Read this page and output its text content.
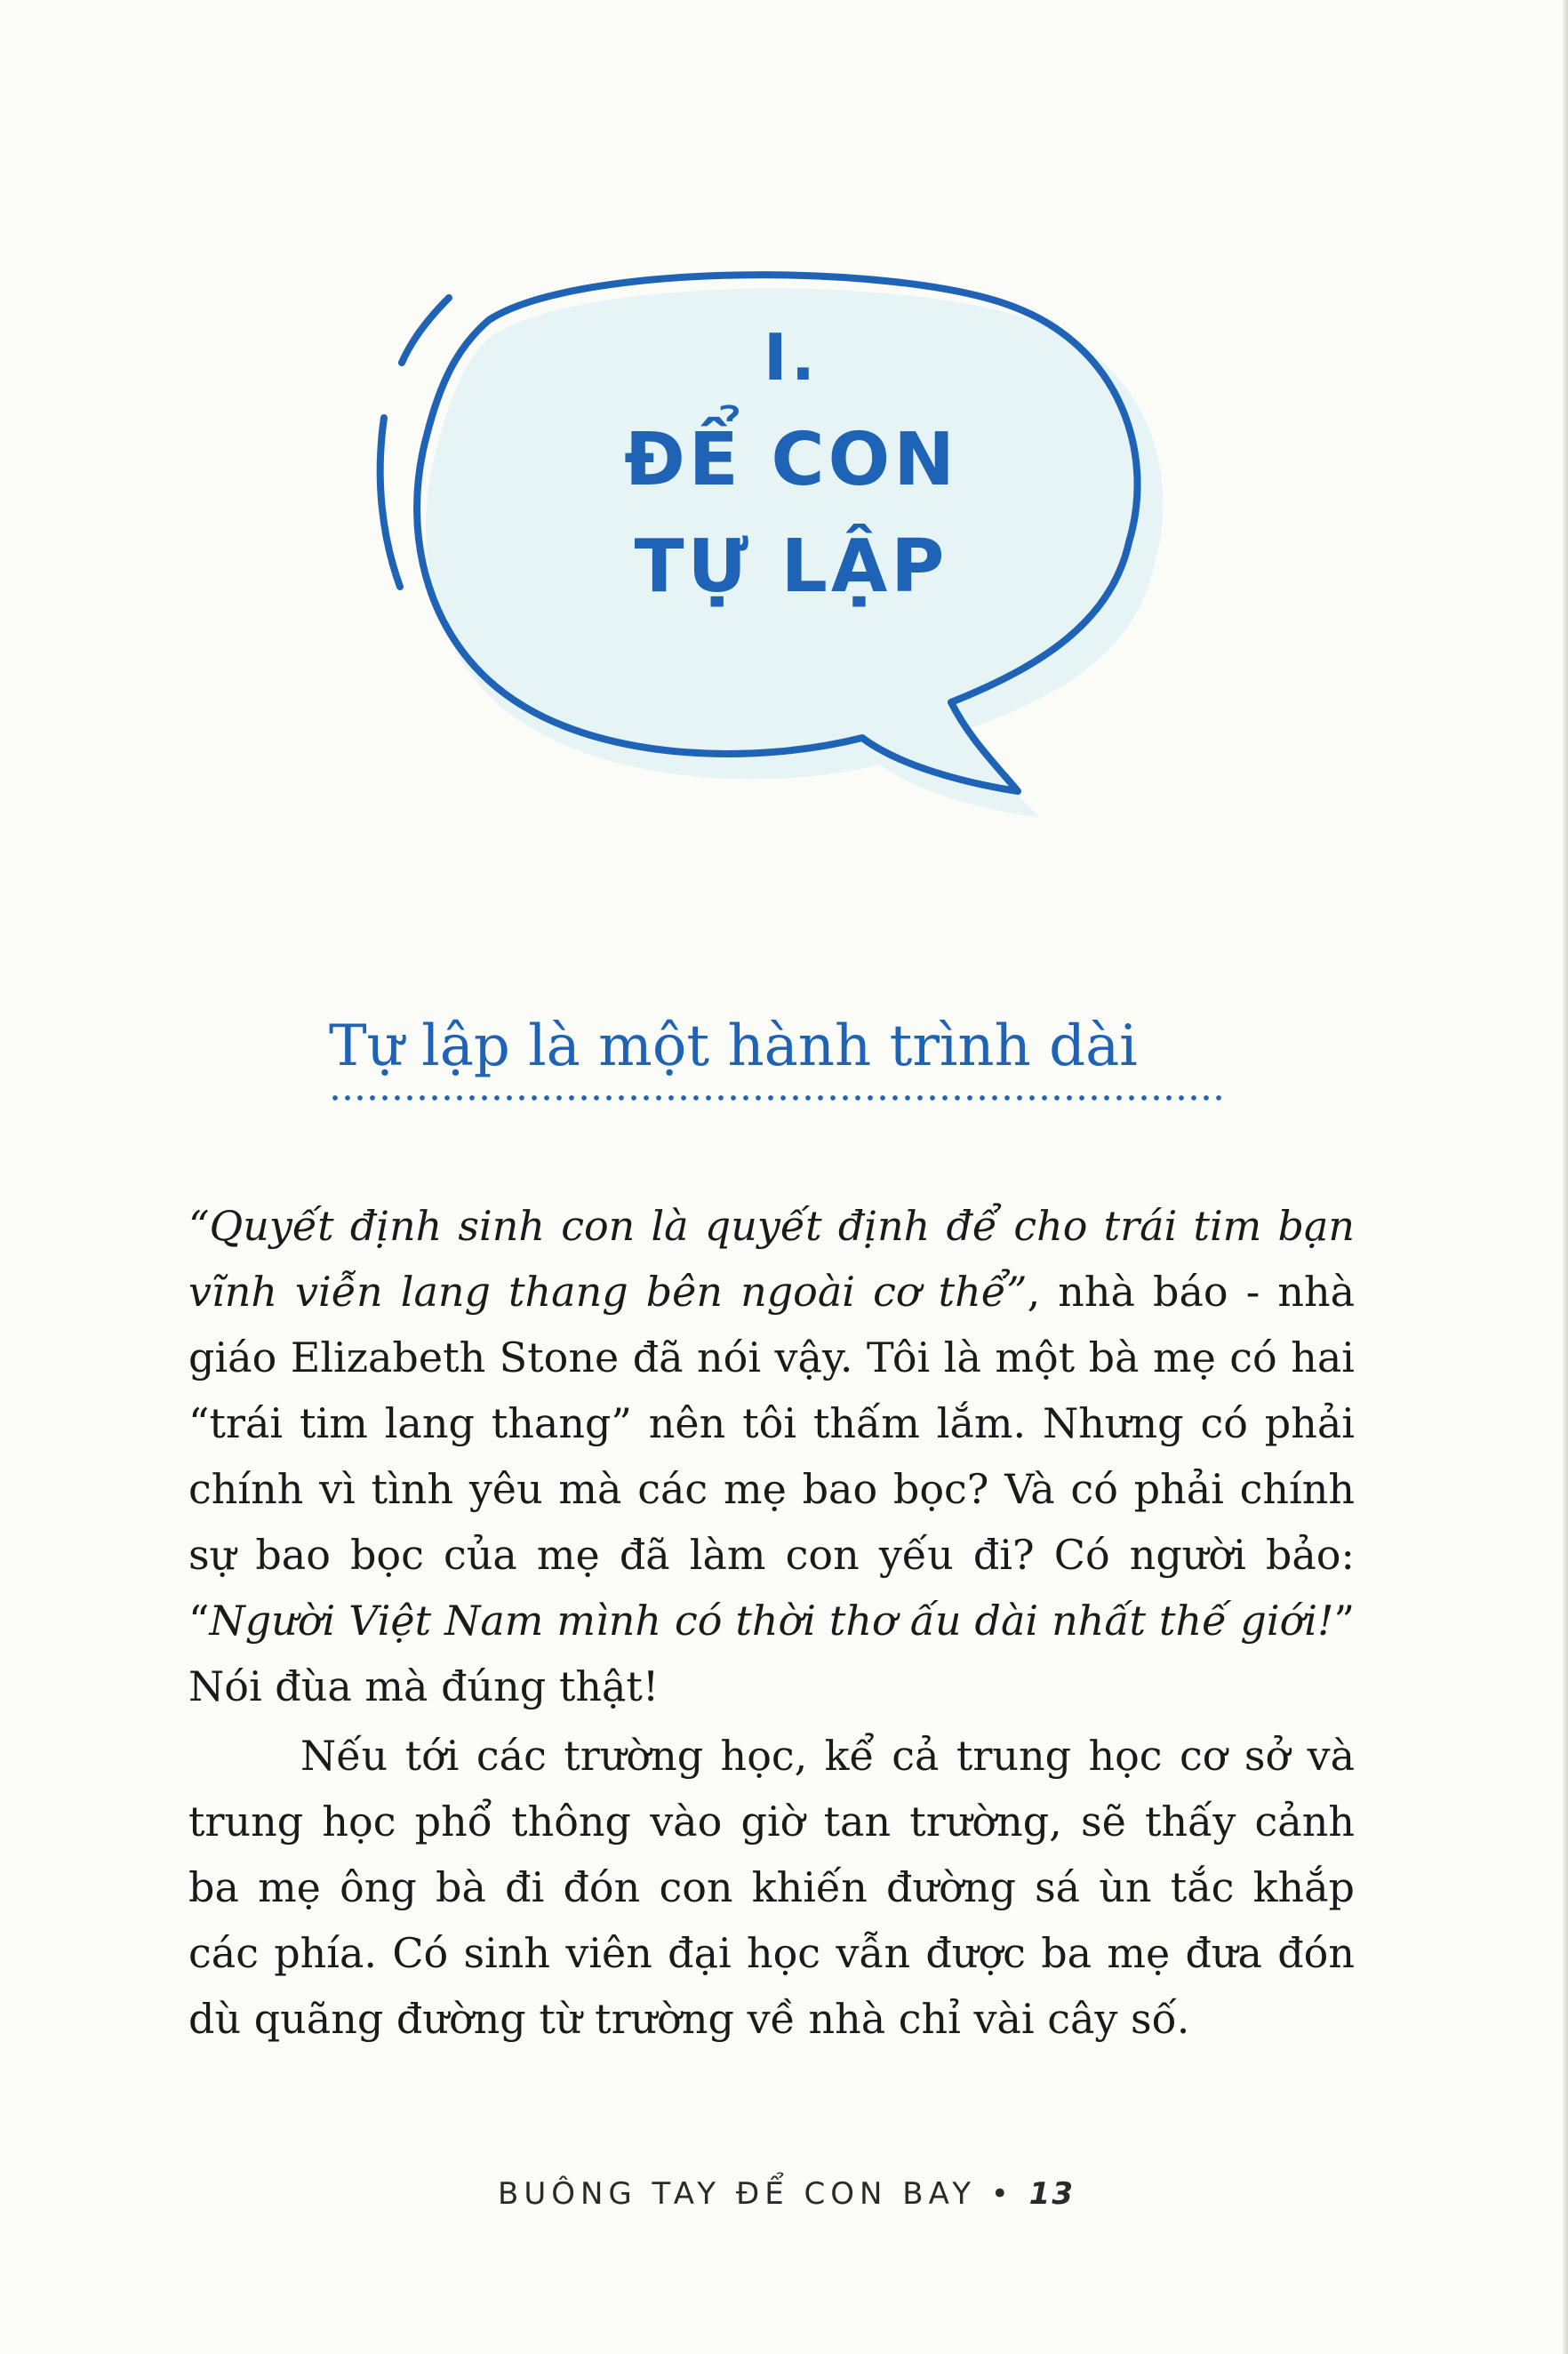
I.
ĐỂ CON
TỰ LẬP
Tự lập là một hành trình dài

“Quyết định sinh con là quyết định để cho trái tim bạn vĩnh viễn lang thang bên ngoài cơ thể”, nhà báo - nhà giáo Elizabeth Stone đã nói vậy. Tôi là một bà mẹ có hai “trái tim lang thang” nên tôi thấm lắm. Nhưng có phải chính vì tình yêu mà các mẹ bao bọc? Và có phải chính sự bao bọc của mẹ đã làm con yếu đi? Có người bảo: “Người Việt Nam mình có thời thơ ấu dài nhất thế giới!” Nói đùa mà đúng thật!

Nếu tới các trường học, kể cả trung học cơ sở và trung học phổ thông vào giờ tan trường, sẽ thấy cảnh ba mẹ ông bà đi đón con khiến đường sá ùn tắc khắp các phía. Có sinh viên đại học vẫn được ba mẹ đưa đón dù quãng đường từ trường về nhà chỉ vài cây số.

BUÔNG TAY ĐỂ CON BAY • 13
